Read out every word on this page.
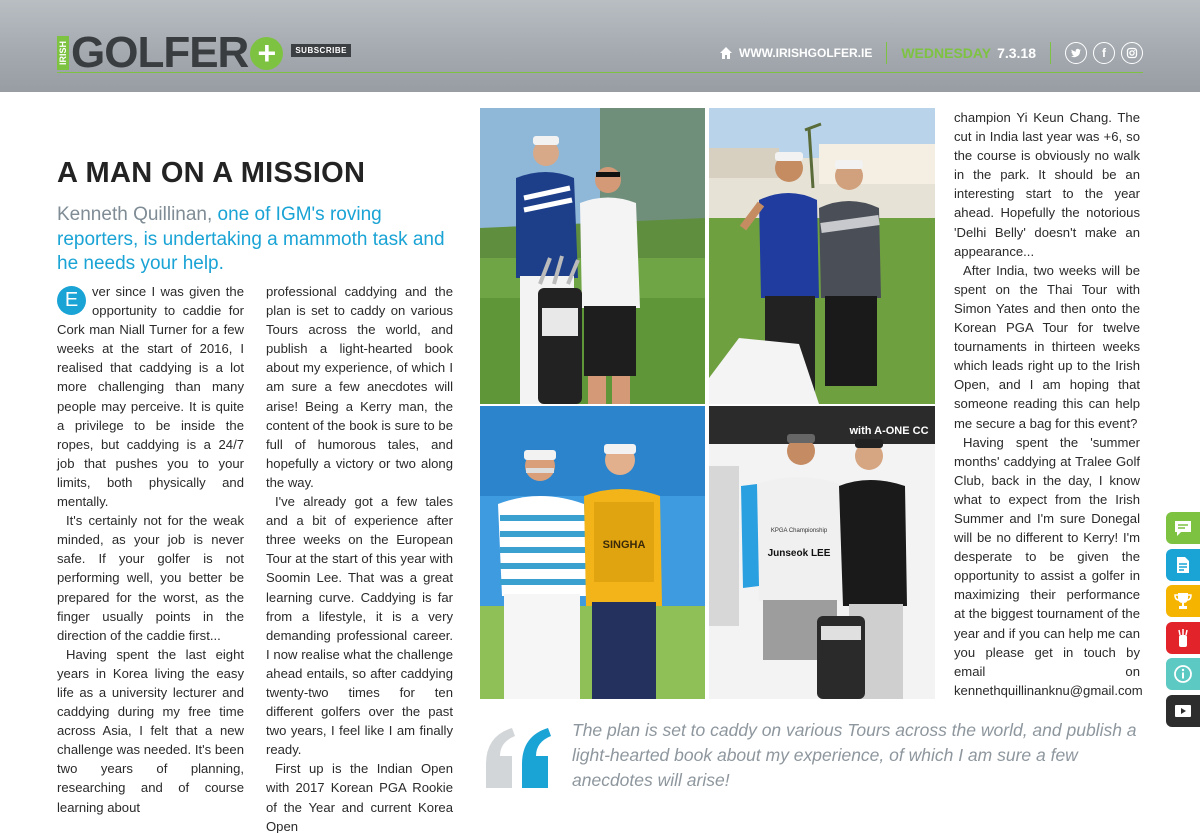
IRISH GOLFER +	SUBSCRIBE	WWW.IRISHGOLFER.IE WEDNESDAY 7.3.18	f
A MAN ON A MISSION
Kenneth Quillinan, one of IGM's roving reporters, is undertaking a mammoth task and he needs your help.

E	ver since I was given the opportunity to caddie for Cork man Niall Turner for a few weeks at the start of 2016, I realised that caddying is a lot more challenging than many people may perceive. It is quite a privilege to be inside the ropes, but caddying is a 24/7 job that pushes you to your limits, both physically and mentally.

It's certainly not for the weak minded, as your job is never safe. If your golfer is not performing well, you better be prepared for the worst, as the finger usually points in the direction of the caddie first...

Having spent the last eight years in Korea living the easy life as a university lecturer and caddying during my free time across Asia, I felt that a new challenge was needed. It's been two years of planning, researching and of course learning about

professional caddying and the plan is set to caddy on various Tours across the world, and publish a light-hearted book about my experience, of which I am sure a few anecdotes will arise! Being a Kerry man, the content of the book is sure to be full of humorous tales, and hopefully a victory or two along the way.

I've already got a few tales and a bit of experience after three weeks on the European Tour at the start of this year with Soomin Lee. That was a great learning curve. Caddying is far from a lifestyle, it is a very demanding professional career. I now realise what the challenge ahead entails, so after caddying twenty-two times for ten different golfers over the past two years, I feel like I am finally ready.

First up is the Indian Open with 2017 Korean PGA Rookie of the Year and current Korea Open

champion Yi Keun Chang. The cut in India last year was +6, so the course is obviously no walk in the park. It should be an interesting start to the year ahead. Hopefully the notorious 'Delhi Belly' doesn't make an appearance...

After India, two weeks will be spent on the Thai Tour with Simon Yates and then onto the Korean PGA Tour for twelve tournaments in thirteen weeks which leads right up to the Irish Open, and I am hoping that someone reading this can help me secure a bag for this event?

Having spent the 'summer months' caddying at Tralee Golf Club, back in the day, I know what to expect from the Irish Summer and I'm sure Donegal will be no different to Kerry! I'm desperate to be given the opportunity to assist a golfer in maximizing their performance at the biggest tournament of the year and if you can help me can you please get in touch by email on kennethquillinanknu@gmail.com

SINGHA
with A-ONE CC
KPGA Championship
Junseok LEE
The plan is set to caddy on various Tours across the world, and publish a light-hearted book about my experience, of which I am sure a few anecdotes will arise!
